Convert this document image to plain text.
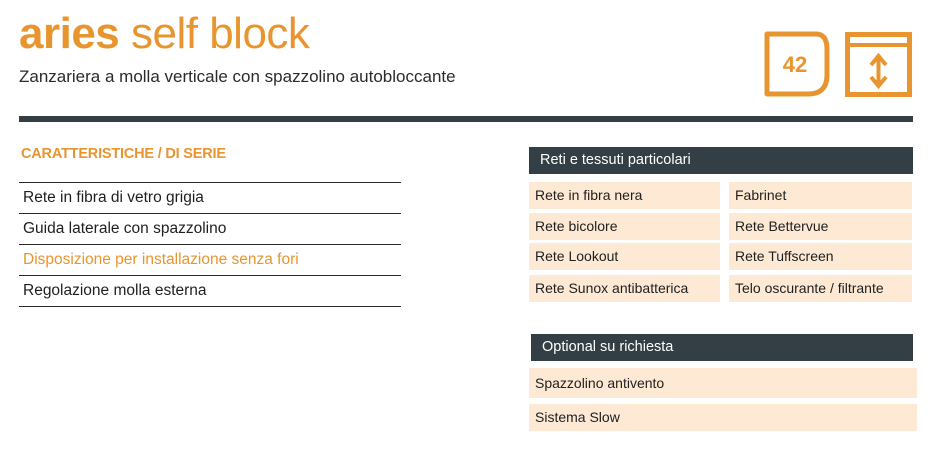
aries self block
Zanzariera a molla verticale con spazzolino autobloccante	42
CARATTERISTICHE / DI SERIE
Rete in fibra di vetro grigia
Guida laterale con spazzolino
Disposizione per installazione senza fori
Regolazione molla esterna
Reti e tessuti particolari
Rete in fibra nera
Rete bicolore
Rete Lookout
Rete Sunox antibatterica
Fabrinet
Rete Bettervue
Rete Tuffscreen
Telo oscurante / filtrante
Optional su richiesta
Spazzolino antivento
Sistema Slow
